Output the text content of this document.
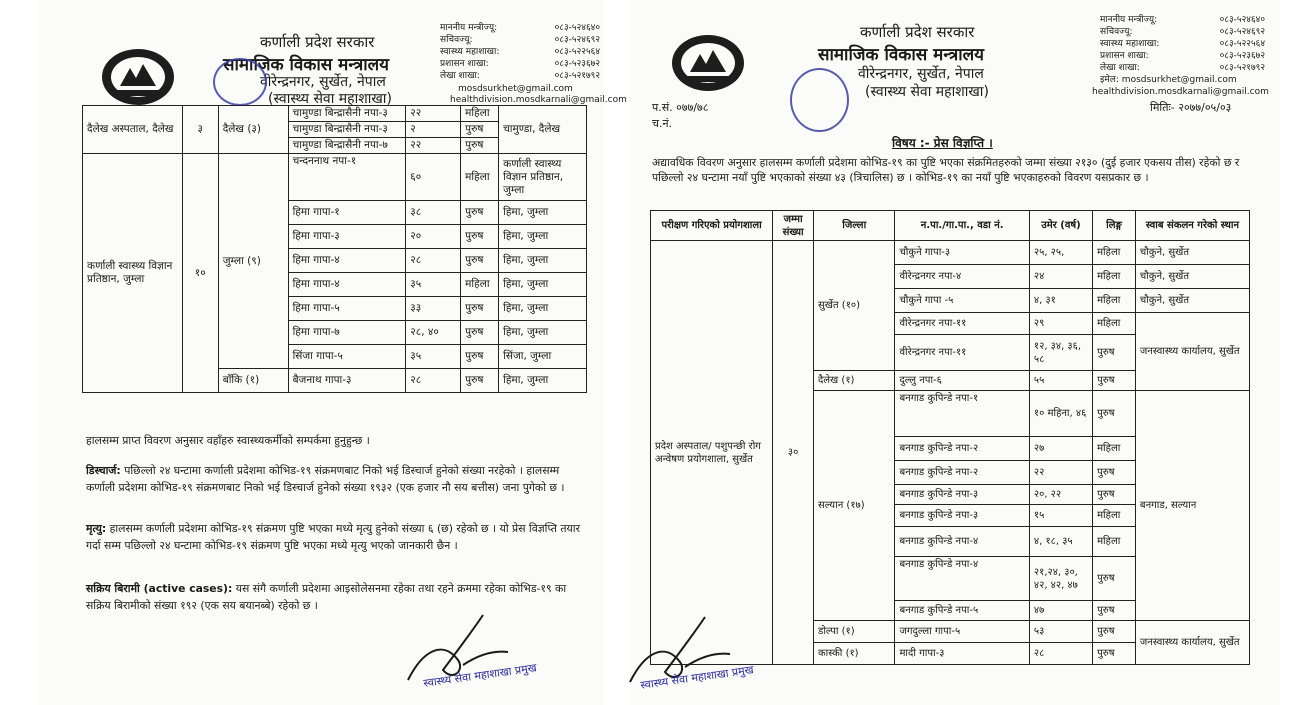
कर्णाली प्रदेश सरकार
सामाजिक विकास मन्त्रालय
वीरेन्द्रनगर, सुर्खेत, नेपाल
(स्वास्थ्य सेवा महाशाखा)
माननीय मन्त्रीज्यू:	०८३-५२४६४०
सचिवज्यू:	०८३-५२४६९२
स्वास्थ्य महाशाखा:	०८३-५२२५६४
प्रशासन शाखा:	०८३-५२३६७२
लेखा शाखा:	०८३-५२१७९२
mosdsurkhet@gmail.com
healthdivision.mosdkarnali@gmail.com
दैलेख अस्पताल, दैलेख	३	दैलेख (३)	चामुण्डा बिन्द्रासैनी नपा-३	२२	महिला	चामुण्डा, दैलेख
			चामुण्डा बिन्द्रासैनी नपा-३	२	पुरुष	
			चामुण्डा बिन्द्रासैनी नपा-७	२२	पुरुष	
कर्णाली स्वास्थ्य विज्ञान प्रतिष्ठान, जुम्ला	१०	जुम्ला (९)	चन्दननाथ नपा-१	६०	महिला	कर्णाली स्वास्थ्य विज्ञान प्रतिष्ठान, जुम्ला
			हिमा गापा-१	३८	पुरुष	हिमा, जुम्ला
			हिमा गापा-३	२०	पुरुष	हिमा, जुम्ला
			हिमा गापा-४	२८	पुरुष	हिमा, जुम्ला
			हिमा गापा-४	३५	महिला	हिमा, जुम्ला
			हिमा गापा-५	३३	पुरुष	हिमा, जुम्ला
			हिमा गापा-७	२८, ४०	पुरुष	हिमा, जुम्ला
			सिंजा गापा-५	३५	पुरुष	सिंजा, जुम्ला
		बाँकि (१)	बैजनाथ गापा-३	२८	पुरुष	हिमा, जुम्ला
हालसम्म प्राप्त विवरण अनुसार वहाँहरु स्वास्थ्यकर्मीको सम्पर्कमा हुनुहुन्छ ।
डिस्चार्ज: पछिल्लो २४ घन्टामा कर्णाली प्रदेशमा कोभिड-१९ संक्रमणबाट निको भई डिस्चार्ज हुनेको संख्या नरहेको । हालसम्म कर्णाली प्रदेशमा कोभिड-१९ संक्रमणबाट निको भई डिस्चार्ज हुनेको संख्या १९३२ (एक हजार नौ सय बत्तीस) जना पुगेको छ ।
मृत्यु: हालसम्म कर्णाली प्रदेशमा कोभिड-१९ संक्रमण पुष्टि भएका मध्ये मृत्यु हुनेको संख्या ६ (छ) रहेको छ । यो प्रेस विज्ञप्ति तयार गर्दा सम्म पछिल्लो २४ घन्टामा कोभिड-१९ संक्रमण पुष्टि भएका मध्ये मृत्यु भएको जानकारी छैन ।
सक्रिय बिरामी (active cases): यस संगै कर्णाली प्रदेशमा आइसोलेसनमा रहेका तथा रहने क्रममा रहेका कोभिड-१९ का सक्रिय बिरामीको संख्या १९२ (एक सय बयानब्बे) रहेको छ ।
स्वास्थ्य सेवा महाशाखा प्रमुख
कर्णाली प्रदेश सरकार
सामाजिक विकास मन्त्रालय
वीरेन्द्रनगर, सुर्खेत, नेपाल
(स्वास्थ्य सेवा महाशाखा)
माननीय मन्त्रीज्यू:	०८३-५२४६४०
सचिवज्यू:	०८३-५२४६९२
स्वास्थ्य महाशाखा:	०८३-५२२५६४
प्रशासन शाखा:	०८३-५२३६७२
लेखा शाखा:	०८३-५२१७९२
इमेल: mosdsurkhet@gmail.com
healthdivision.mosdkarnali@gmail.com
प.सं. ०७७/७८
च.नं.
मितिः- २०७७/०५/०३
विषय :- प्रेस विज्ञप्ति ।
अद्यावधिक विवरण अनुसार हालसम्म कर्णाली प्रदेशमा कोभिड-१९ का पुष्टि भएका संक्रमितहरुको जम्मा संख्या २१३० (दुई हजार एकसय तीस) रहेको छ र पछिल्लो २४ घन्टामा नयाँ पुष्टि भएकाको संख्या ४३ (त्रिचालिस) छ । कोभिड-१९ का नयाँ पुष्टि भएकाहरुको विवरण यसप्रकार छ ।
परीक्षण गरिएको प्रयोगशाला	जम्मा संख्या	जिल्ला	न.पा./गा.पा., वडा नं.	उमेर (वर्ष)	लिङ्ग	स्वाब संकलन गरेको स्थान
प्रदेश अस्पताल/ पशुपन्छी रोग अन्वेषण प्रयोगशाला, सुर्खेत	३०	सुर्खेत (१०)	चौकुने गापा-३	२५, २५,	महिला	चौकुने, सुर्खेत
			वीरेन्द्रनगर नपा-४	२४	महिला	चौकुने, सुर्खेत
			चौकुने गापा -५	४, ३१	महिला	चौकुने, सुर्खेत
			वीरेन्द्रनगर नपा-११	२९	महिला	जनस्वास्थ्य कार्यालय, सुर्खेत
			वीरेन्द्रनगर नपा-११	१२, ३४, ३६, ५८	पुरुष	
		दैलेख (१)	दुल्लु नपा-६	५५	पुरुष	
		सल्यान (१७)	बनगाड कुपिन्डे नपा-१	१० महिना, ४६	पुरुष	बनगाड, सल्यान
			बनगाड कुपिन्डे नपा-२	२७	महिला	
			बनगाड कुपिन्डे नपा-२	२२	पुरुष	
			बनगाड कुपिन्डे नपा-३	२०, २२	पुरुष	
			बनगाड कुपिन्डे नपा-३	१५	महिला	
			बनगाड कुपिन्डे नपा-४	४, १८, ३५	महिला	
			बनगाड कुपिन्डे नपा-४	२१,२४, ३०, ४२, ४२, ४७	पुरुष	
			बनगाड कुपिन्डे नपा-५	४७	पुरुष	
		डोल्पा (१)	जगदुल्ला गापा-५	५३	पुरुष	जनस्वास्थ्य कार्यालय, सुर्खेत
		कास्की (१)	मादी गापा-३	२८	पुरुष	
स्वास्थ्य सेवा महाशाखा प्रमुख
